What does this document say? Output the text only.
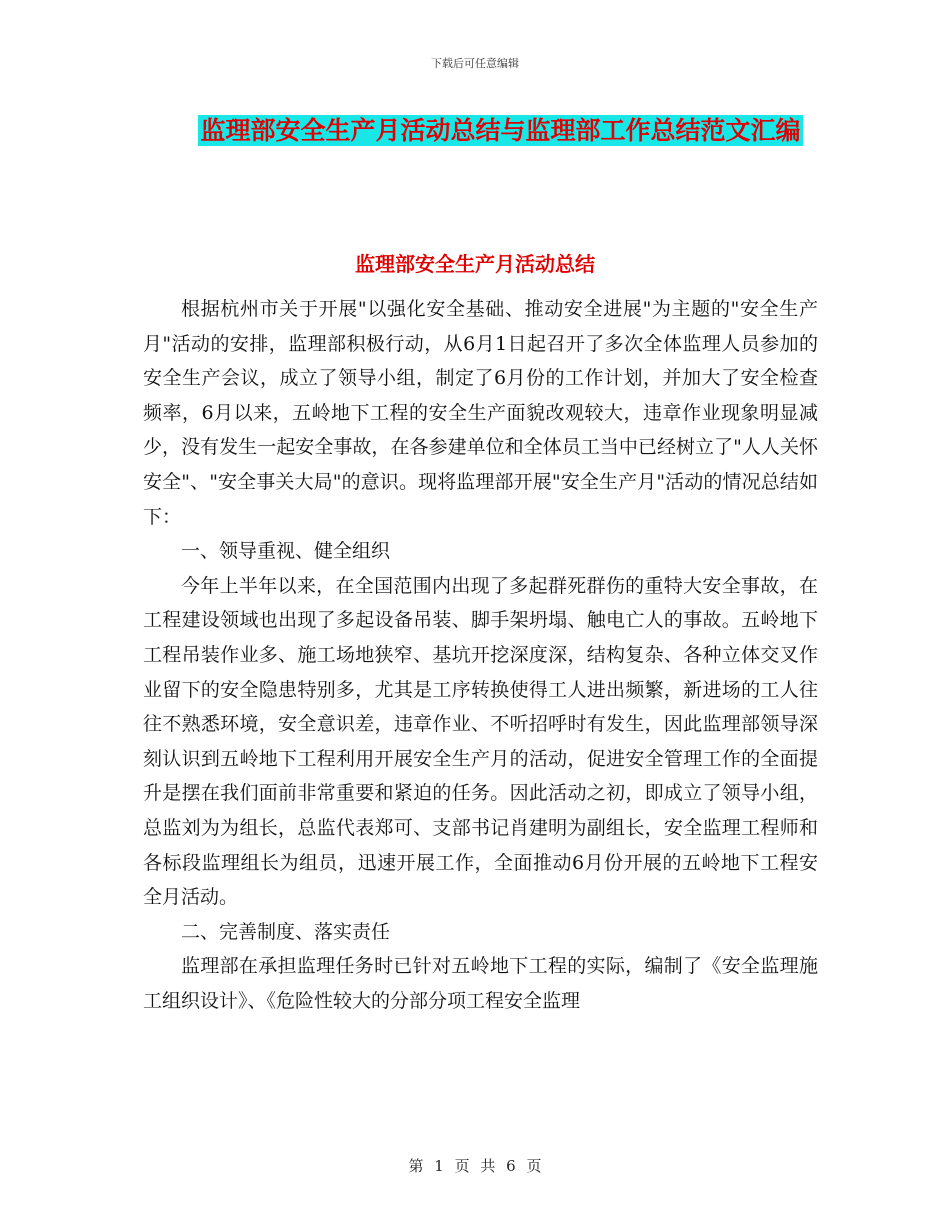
下载后可任意编辑
监理部安全生产月活动总结与监理部工作总结范文汇编
监理部安全生产月活动总结

根据杭州市关于开展"以强化安全基础、推动安全进展"为主题的"安全生产月"活动的安排，监理部积极行动，从6月1日起召开了多次全体监理人员参加的安全生产会议，成立了领导小组，制定了6月份的工作计划，并加大了安全检查频率，6月以来，五岭地下工程的安全生产面貌改观较大，违章作业现象明显减少，没有发生一起安全事故，在各参建单位和全体员工当中已经树立了"人人关怀安全"、"安全事关大局"的意识。现将监理部开展"安全生产月"活动的情况总结如下：

一、领导重视、健全组织

今年上半年以来，在全国范围内出现了多起群死群伤的重特大安全事故，在工程建设领域也出现了多起设备吊装、脚手架坍塌、触电亡人的事故。五岭地下工程吊装作业多、施工场地狭窄、基坑开挖深度深，结构复杂、各种立体交叉作业留下的安全隐患特别多，尤其是工序转换使得工人进出频繁，新进场的工人往往不熟悉环境，安全意识差，违章作业、不听招呼时有发生，因此监理部领导深刻认识到五岭地下工程利用开展安全生产月的活动，促进安全管理工作的全面提升是摆在我们面前非常重要和紧迫的任务。因此活动之初，即成立了领导小组，总监刘为为组长，总监代表郑可、支部书记肖建明为副组长，安全监理工程师和各标段监理组长为组员，迅速开展工作，全面推动6月份开展的五岭地下工程安全月活动。

二、完善制度、落实责任

监理部在承担监理任务时已针对五岭地下工程的实际，编制了《安全监理施工组织设计》、《危险性较大的分部分项工程安全监理

第 1 页 共 6 页
